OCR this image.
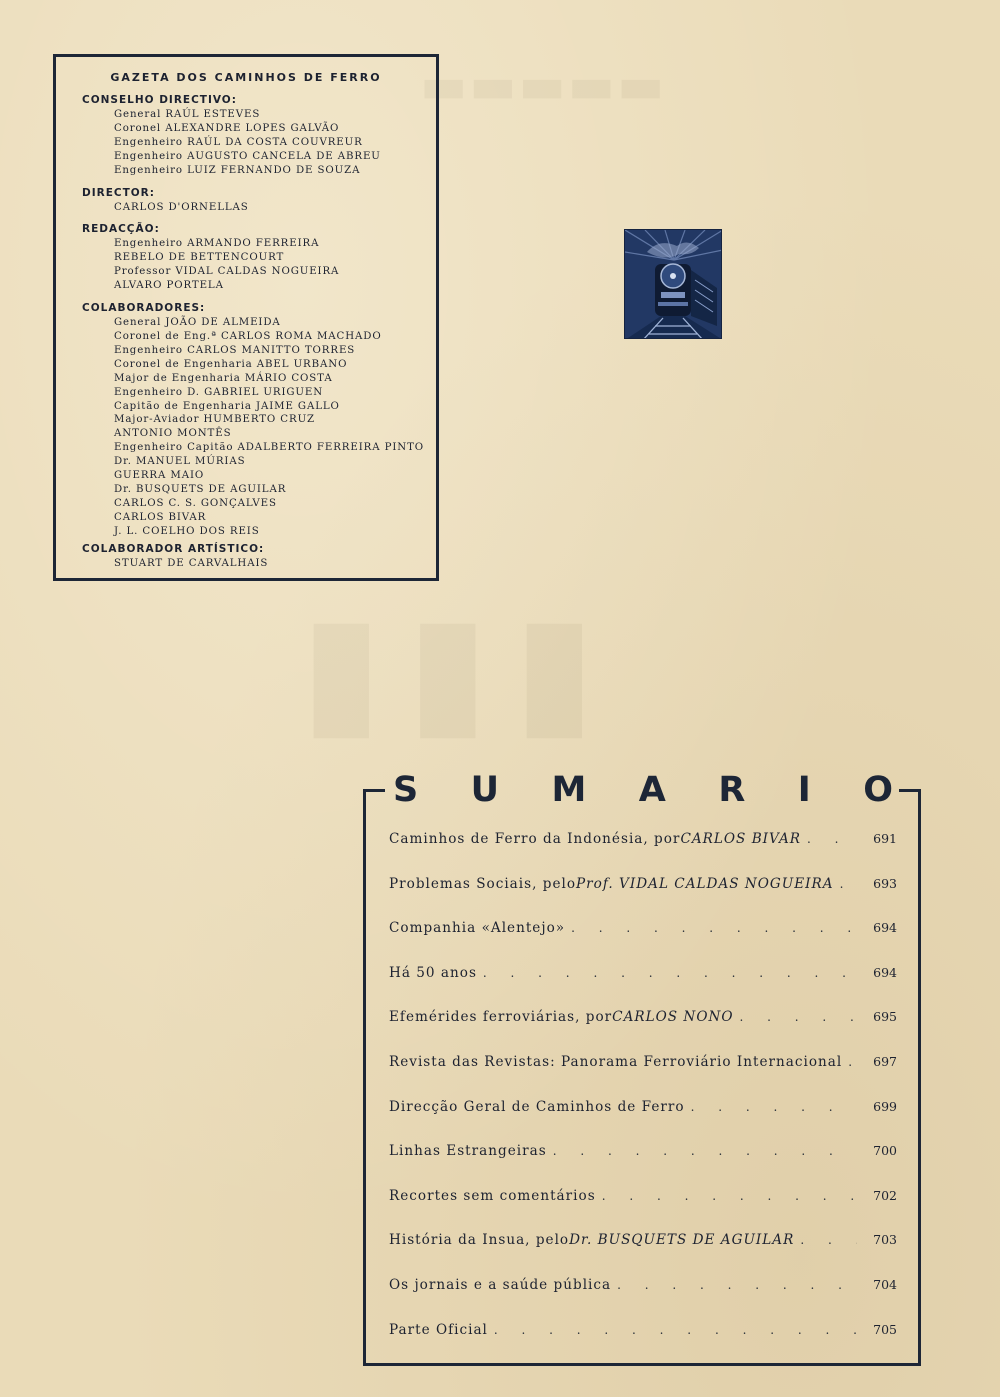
▬▬▬▬▬
▮▮▮
GAZETA DOS CAMINHOS DE FERRO
CONSELHO DIRECTIVO:
General RAÚL ESTEVES
Coronel ALEXANDRE LOPES GALVÃO
Engenheiro RAÚL DA COSTA COUVREUR
Engenheiro AUGUSTO CANCELA DE ABREU
Engenheiro LUIZ FERNANDO DE SOUZA
DIRECTOR:
CARLOS D'ORNELLAS
REDACÇÃO:
Engenheiro ARMANDO FERREIRA
REBELO DE BETTENCOURT
Professor VIDAL CALDAS NOGUEIRA
ALVARO PORTELA
COLABORADORES:
General JOÃO DE ALMEIDA
Coronel de Eng.ª CARLOS ROMA MACHADO
Engenheiro CARLOS MANITTO TORRES
Coronel de Engenharia ABEL URBANO
Major de Engenharia MÁRIO COSTA
Engenheiro D. GABRIEL URIGUEN
Capitão de Engenharia JAIME GALLO
Major-Aviador HUMBERTO CRUZ
ANTONIO MONTÊS
Engenheiro Capitão ADALBERTO FERREIRA PINTO
Dr. MANUEL MÚRIAS
GUERRA MAIO
Dr. BUSQUETS DE AGUILAR
CARLOS C. S. GONÇALVES
CARLOS BIVAR
J. L. COELHO DOS REIS
COLABORADOR ARTÍSTICO:
STUART DE CARVALHAIS
S U M A R I O
Caminhos de Ferro da Indonésia, por CARLOS BIVAR . . .	691
Problemas Sociais, pelo Prof. VIDAL CALDAS NOGUEIRA . . .	693
Companhia «Alentejo» . . .	694
Há 50 anos . . .	694
Efemérides ferroviárias, por CARLOS NONO . . .	695
Revista das Revistas: Panorama Ferroviário Internacional . . .	697
Direcção Geral de Caminhos de Ferro . . .	699
Linhas Estrangeiras . . .	700
Recortes sem comentários . . .	702
História da Insua, pelo Dr. BUSQUETS DE AGUILAR . . .	703
Os jornais e a saúde pública . . .	704
Parte Oficial . . .	705
